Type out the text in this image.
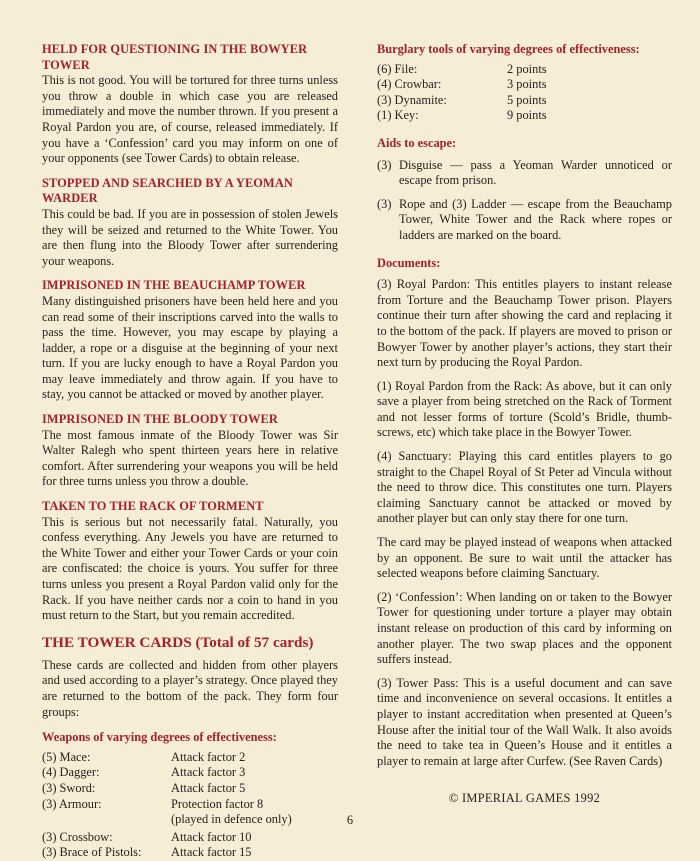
HELD FOR QUESTIONING IN THE BOWYER TOWER

This is not good. You will be tortured for three turns unless you throw a double in which case you are released immediately and move the number thrown. If you present a Royal Pardon you are, of course, released immediately. If you have a ‘Confession’ card you may inform on one of your opponents (see Tower Cards) to obtain release.

STOPPED AND SEARCHED BY A YEOMAN WARDER

This could be bad. If you are in possession of stolen Jewels they will be seized and returned to the White Tower. You are then flung into the Bloody Tower after surrendering your weapons.

IMPRISONED IN THE BEAUCHAMP TOWER

Many distinguished prisoners have been held here and you can read some of their inscriptions carved into the walls to pass the time. However, you may escape by playing a ladder, a rope or a disguise at the beginning of your next turn. If you are lucky enough to have a Royal Pardon you may leave immediately and throw again. If you have to stay, you cannot be attacked or moved by another player.

IMPRISONED IN THE BLOODY TOWER

The most famous inmate of the Bloody Tower was Sir Walter Ralegh who spent thirteen years here in relative comfort. After surrendering your weapons you will be held for three turns unless you throw a double.

TAKEN TO THE RACK OF TORMENT

This is serious but not necessarily fatal. Naturally, you confess everything. Any Jewels you have are returned to the White Tower and either your Tower Cards or your coin are confiscated: the choice is yours. You suffer for three turns unless you present a Royal Pardon valid only for the Rack. If you have neither cards nor a coin to hand in you must return to the Start, but you remain accredited.

THE TOWER CARDS (Total of 57 cards)

These cards are collected and hidden from other players and used according to a player’s strategy. Once played they are returned to the bottom of the pack. They form four groups:

Weapons of varying degrees of effectiveness:
(5) Mace:	Attack factor 2
(4) Dagger:	Attack factor 3
(3) Sword:	Attack factor 5
(3) Armour:	Protection factor 8
	(played in defence only)
(3) Crossbow:	Attack factor 10
(3) Brace of Pistols:	Attack factor 15
Burglary tools of varying degrees of effectiveness:
(6) File:	2 points
(4) Crowbar:	3 points
(3) Dynamite:	5 points
(1) Key:	9 points
Aids to escape:
(3) Disguise — pass a Yeoman Warder unnoticed or escape from prison.

(3) Rope and (3) Ladder — escape from the Beauchamp Tower, White Tower and the Rack where ropes or ladders are marked on the board.

Documents:

(3) Royal Pardon: This entitles players to instant release from Torture and the Beauchamp Tower prison. Players continue their turn after showing the card and replacing it to the bottom of the pack. If players are moved to prison or Bowyer Tower by another player’s actions, they start their next turn by producing the Royal Pardon.

(1) Royal Pardon from the Rack: As above, but it can only save a player from being stretched on the Rack of Torment and not lesser forms of torture (Scold’s Bridle, thumb-screws, etc) which take place in the Bowyer Tower.

(4) Sanctuary: Playing this card entitles players to go straight to the Chapel Royal of St Peter ad Vincula without the need to throw dice. This constitutes one turn. Players claiming Sanctuary cannot be attacked or moved by another player but can only stay there for one turn.

The card may be played instead of weapons when attacked by an opponent. Be sure to wait until the attacker has selected weapons before claiming Sanctuary.

(2) ‘Confession’: When landing on or taken to the Bowyer Tower for questioning under torture a player may obtain instant release on production of this card by informing on another player. The two swap places and the opponent suffers instead.

(3) Tower Pass: This is a useful document and can save time and inconvenience on several occasions. It entitles a player to instant accreditation when presented at Queen’s House after the initial tour of the Wall Walk. It also avoids the need to take tea in Queen’s House and it entitles a player to remain at large after Curfew. (See Raven Cards)

© IMPERIAL GAMES 1992
6
